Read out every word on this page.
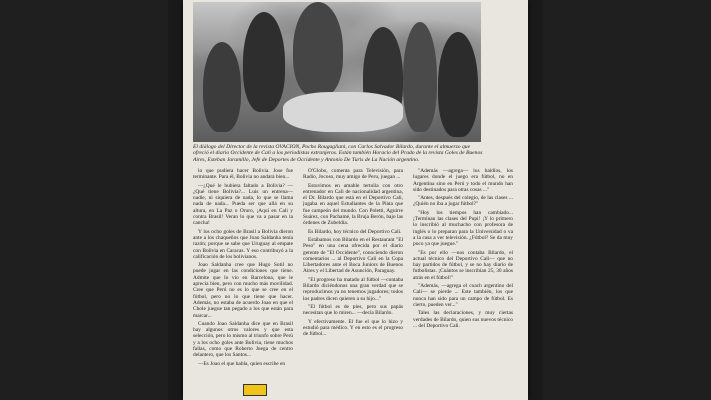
El diálogo del Director de la revista OVACION, Pocho Rougagliani, con Carlos Salvador Bilardo, durante el almuerzo que ofreció el diario Occidente de Cali a los periodistas extranjeros. Están también Horacio del Prado de la revista Goles de Buenos Aires, Esteban Jaramillo, Jefe de Deportes de Occidente y Antonio De Turis de La Nación argentino.

lo que pudiera hacer Bolivia. Jose fue terminante. Para él, Bolivia no andará bien...

—¿Qué le hubiera faltado a Bolivia? —¿Qué tiene Bolivia?... Luis un entrena—nadie, ni siquiera de nada, lo que se llama nada de nada... Pueda ser que allá en su altura, en La Paz o Oruro, ¡Aquí en Cali y contra Brasil! Veran lo que va a pasar en la cancha!

Y los ocho goles de Brasil a Bolivia dieron ante a los chaqueños que Joao Saldanha tenía razón; porque se sabe que Uruguay al empate con Bolivia en Caracas. Y eso contribuyó a la calificación de los bolivianos.

Joao Saldanha cree que Hugo Sotil no puede jugar en las condiciones que tiene. Admite que lo vio en Barcelona, que le aprecia bien, pero con mucho más movilidad. Cree que Perú no es lo que se cree en el fútbol, pero no lo que tiene que hacer. Además, no estaba de acuerdo Joao en que el Chole juegue tan pegado a los que están para marcar...

Cuando Joao Saldanha dice que en Brasil hay algunos otros valores y que esta selección, pero lo mismo al triunfo sobre Perú y a los ocho goles ante Bolivia, tiene muchos fallas, como que Roberto Juega de centro delantero, que los Santos...

—Es Joao el que habla, quien escribe en

O'Globo, comenta para Televisión, para Radio, Jocoso, muy amigo de Peru, juegan ...

Estuvimos en amable tertulia con otro entrenador en Cali de nacionalidad argentina, el Dr. Bilardo que está en el Deportivo Cali, jugaba en aquel Estudiantes de la Plata que fue campeón del mundo. Con Poletti, Aguirre Suárez, con Pachamé, la Bruja Berón, bajo las órdenes de Zubeldía.

Es Bilardo, hoy técnico del Deportivo Cali.

Estábamos con Bilardo en el Restaurant "El Peso" en una cena ofrecida por el diario gerente de "El Occidente", conociendo dieron comentarios ... al Deportivo Cali en la Copa Libertadores ante el Boca Juniors de Buenos Aires y el Libertad de Asunción, Paraguay.

"El progreso ha matado al fútbol —contaba Bilardo diciéndonos una gran verdad que se reproducimos ya no tenemos jugadores; todos los padres dicen quieren a su hijo..."

"El fútbol es de pies, pero sus papás necesitan que lo miren... —decía Bilardo.

Y efectivamente. El fue el que lo hizo y estudió para médico. Y en esto es el progreso de fútbol...

"Además —agrega— los baldíos, los lugares donde el juego era fútbol, no en Argentina sino en Perú y todo el mundo han sido destinados para otras cosas ..."

"Antes, después del colegio, de las clases ... ¿Quién no iba a jugar fútbol?"

"Hoy los tiempos han cambiado... ¡Terminan las clases del Pupi! ¡Y lo primero lo inscribió al muchacho con profesora de inglés o lo preparan para la Universidad o va a la casa a ver televisión. ¿Fútbol? Se da muy poco ya que juegue."

"Es por ello —nos contaba Bilardo, el actual técnico del Deportivo Cali— que no hay partidos de fútbol, y se no hay diario de futbolistas. ¡Cuántos se inscribían 25, 30 años atrás en el fútbol!"

"Además, —agrega el coach argentino del Cali— se pierde ... Este también, los que nunca han sido para un campo de fútbol. Es cierto, pueden ver..."

Tales las declaraciones, y muy ciertas verdades de Bilardo, quien sus nuevos técnico ... del Deportivo Cali.
